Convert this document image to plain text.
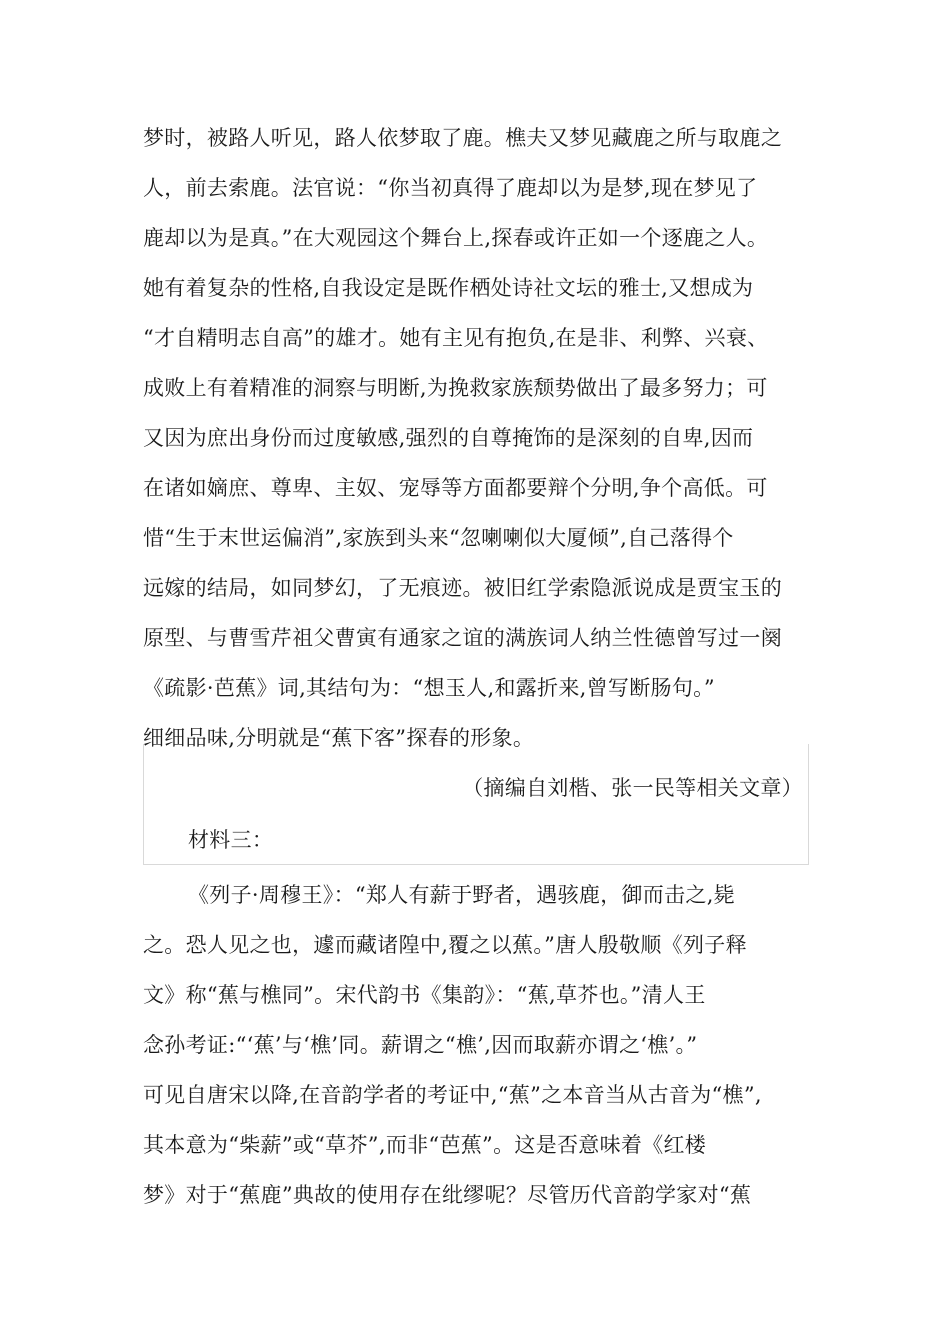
梦时，被路人听见，路人依梦取了鹿。樵夫又梦见藏鹿之所与取鹿之
人，前去索鹿。法官说：“你当初真得了鹿却以为是梦,现在梦见了
鹿却以为是真。”在大观园这个舞台上,探春或许正如一个逐鹿之人。
她有着复杂的性格,自我设定是既作栖处诗社文坛的雅士,又想成为
“才自精明志自高”的雄才。她有主见有抱负,在是非、利弊、兴衰、
成败上有着精准的洞察与明断,为挽救家族颓势做出了最多努力；可
又因为庶出身份而过度敏感,强烈的自尊掩饰的是深刻的自卑,因而
在诸如嫡庶、尊卑、主奴、宠辱等方面都要辩个分明,争个高低。可
惜“生于末世运偏消”,家族到头来“忽喇喇似大厦倾”,自己落得个
远嫁的结局，如同梦幻，了无痕迹。被旧红学索隐派说成是贾宝玉的
原型、与曹雪芹祖父曹寅有通家之谊的满族词人纳兰性德曾写过一阕
《疏影·芭蕉》词,其结句为：“想玉人,和露折来,曾写断肠句。”
细细品味,分明就是“蕉下客”探春的形象。
（摘编自刘楷、张一民等相关文章）
材料三：
《列子·周穆王》：“郑人有薪于野者，遇骇鹿，御而击之,毙
之。恐人见之也，遽而藏诸隍中,覆之以蕉。”唐人殷敬顺《列子释
文》称“蕉与樵同”。宋代韵书《集韵》：“蕉,草芥也。”清人王
念孙考证:“‘蕉’与‘樵’同。薪谓之“樵’,因而取薪亦谓之‘樵’。”
可见自唐宋以降,在音韵学者的考证中,“蕉”之本音当从古音为“樵”,
其本意为“柴薪”或“草芥”,而非“芭蕉”。这是否意味着《红楼
梦》对于“蕉鹿”典故的使用存在纰缪呢？尽管历代音韵学家对“蕉
